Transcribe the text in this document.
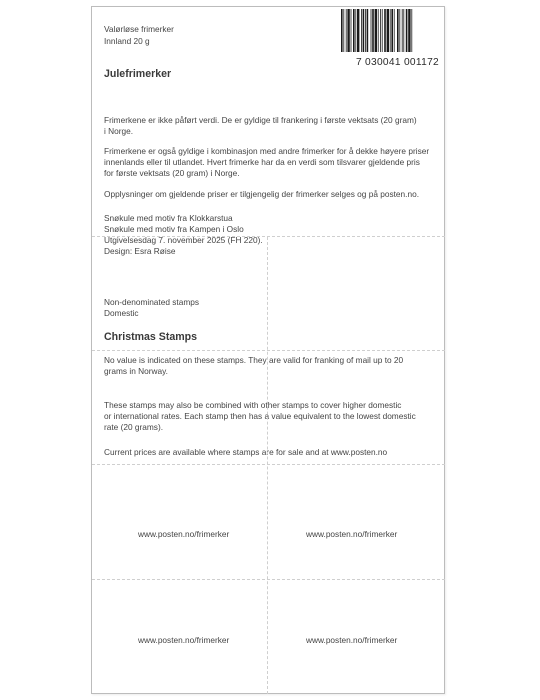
Valørløse frimerker
Innland 20 g
7 030041 001172
Julefrimerker
Frimerkene er ikke påført verdi. De er gyldige til frankering i første vektsats (20 gram)
i Norge.
Frimerkene er også gyldige i kombinasjon med andre frimerker for å dekke høyere priser
innenlands eller til utlandet. Hvert frimerke har da en verdi som tilsvarer gjeldende pris
for første vektsats (20 gram) i Norge.
Opplysninger om gjeldende priser er tilgjengelig der frimerker selges og på posten.no.
Snøkule med motiv fra Klokkarstua
Snøkule med motiv fra Kampen i Oslo
Utgivelsesdag 7. november 2025 (FH 220).
Design: Esra Røise
Non-denominated stamps
Domestic
Christmas Stamps
No value is indicated on these stamps. They are valid for franking of mail up to 20
grams in Norway.
These stamps may also be combined with other stamps to cover higher domestic
or international rates. Each stamp then has a value equivalent to the lowest domestic
rate (20 grams).
Current prices are available where stamps are for sale and at www.posten.no
www.posten.no/frimerker	www.posten.no/frimerker
www.posten.no/frimerker	www.posten.no/frimerker
